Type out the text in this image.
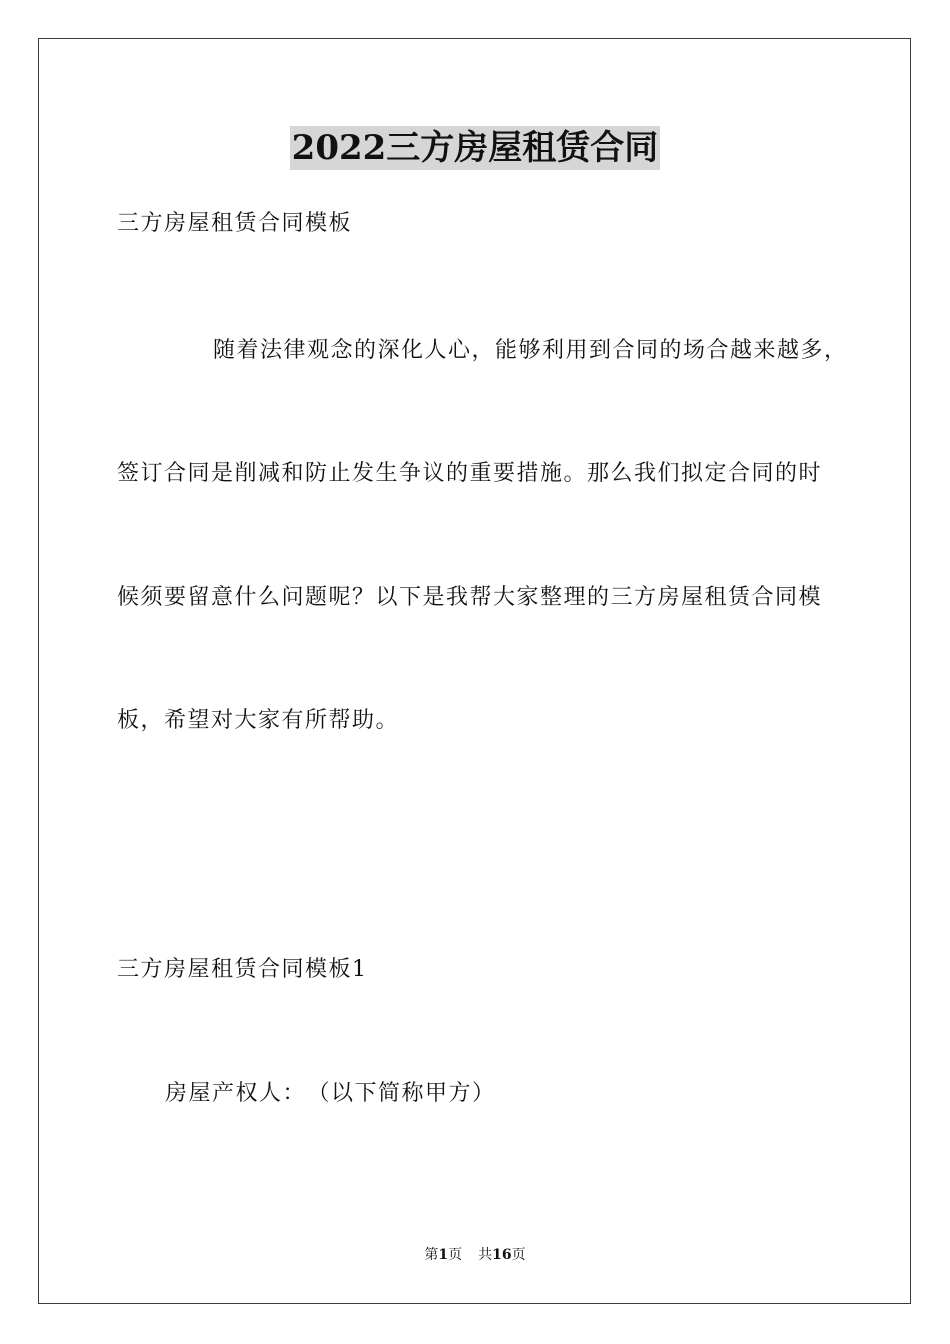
2022三方房屋租赁合同
三方房屋租赁合同模板
随着法律观念的深化人心，能够利用到合同的场合越来越多，
签订合同是削减和防止发生争议的重要措施。那么我们拟定合同的时
候须要留意什么问题呢？以下是我帮大家整理的三方房屋租赁合同模
板，希望对大家有所帮助。
三方房屋租赁合同模板1
房屋产权人：　（以下简称甲方）
第1页 共16页
